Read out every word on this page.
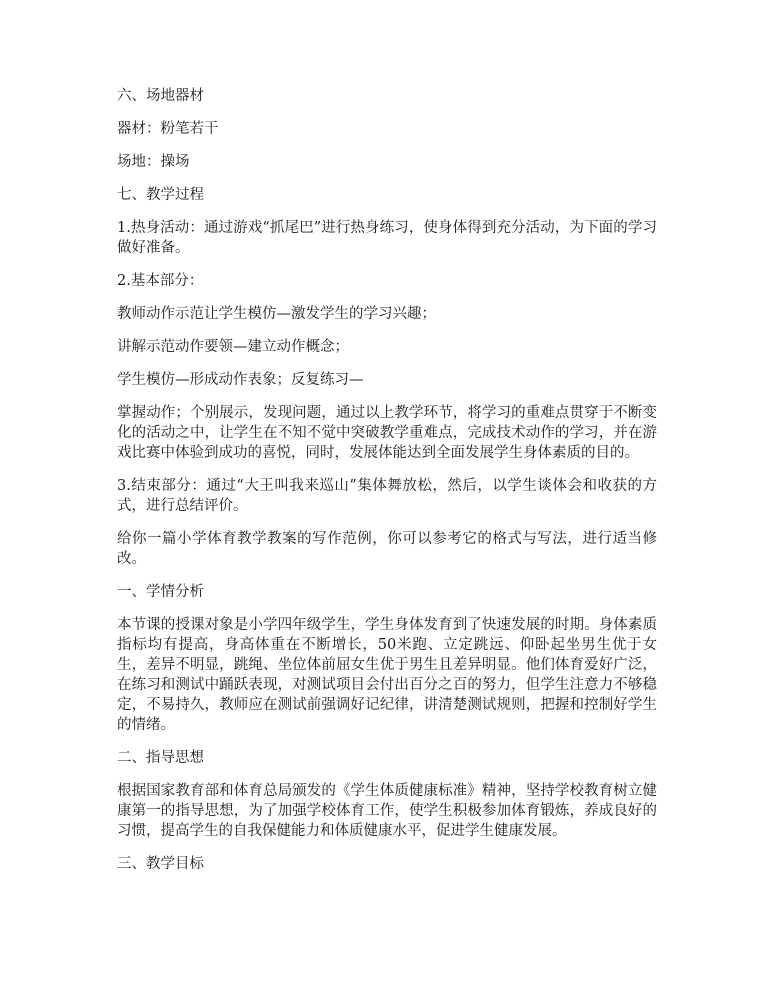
六、场地器材

器材：粉笔若干

场地：操场

七、教学过程

1.热身活动：通过游戏“抓尾巴”进行热身练习，使身体得到充分活动，为下面的学习做好准备。

2.基本部分：

教师动作示范让学生模仿—激发学生的学习兴趣；

讲解示范动作要领—建立动作概念；

学生模仿—形成动作表象；反复练习—

掌握动作；个别展示，发现问题，通过以上教学环节，将学习的重难点贯穿于不断变化的活动之中，让学生在不知不觉中突破教学重难点，完成技术动作的学习，并在游戏比赛中体验到成功的喜悦，同时，发展体能达到全面发展学生身体素质的目的。

3.结束部分：通过“大王叫我来巡山”集体舞放松，然后，以学生谈体会和收获的方式，进行总结评价。

给你一篇小学体育教学教案的写作范例，你可以参考它的格式与写法，进行适当修改。

一、学情分析

本节课的授课对象是小学四年级学生，学生身体发育到了快速发展的时期。身体素质指标均有提高，身高体重在不断增长，50米跑、立定跳远、仰卧起坐男生优于女生，差异不明显，跳绳、坐位体前屈女生优于男生且差异明显。他们体育爱好广泛，在练习和测试中踊跃表现，对测试项目会付出百分之百的努力，但学生注意力不够稳定，不易持久，教师应在测试前强调好记纪律，讲清楚测试规则，把握和控制好学生的情绪。

二、指导思想

根据国家教育部和体育总局颁发的《学生体质健康标准》精神，坚持学校教育树立健康第一的指导思想，为了加强学校体育工作，使学生积极参加体育锻炼，养成良好的习惯，提高学生的自我保健能力和体质健康水平，促进学生健康发展。

三、教学目标
